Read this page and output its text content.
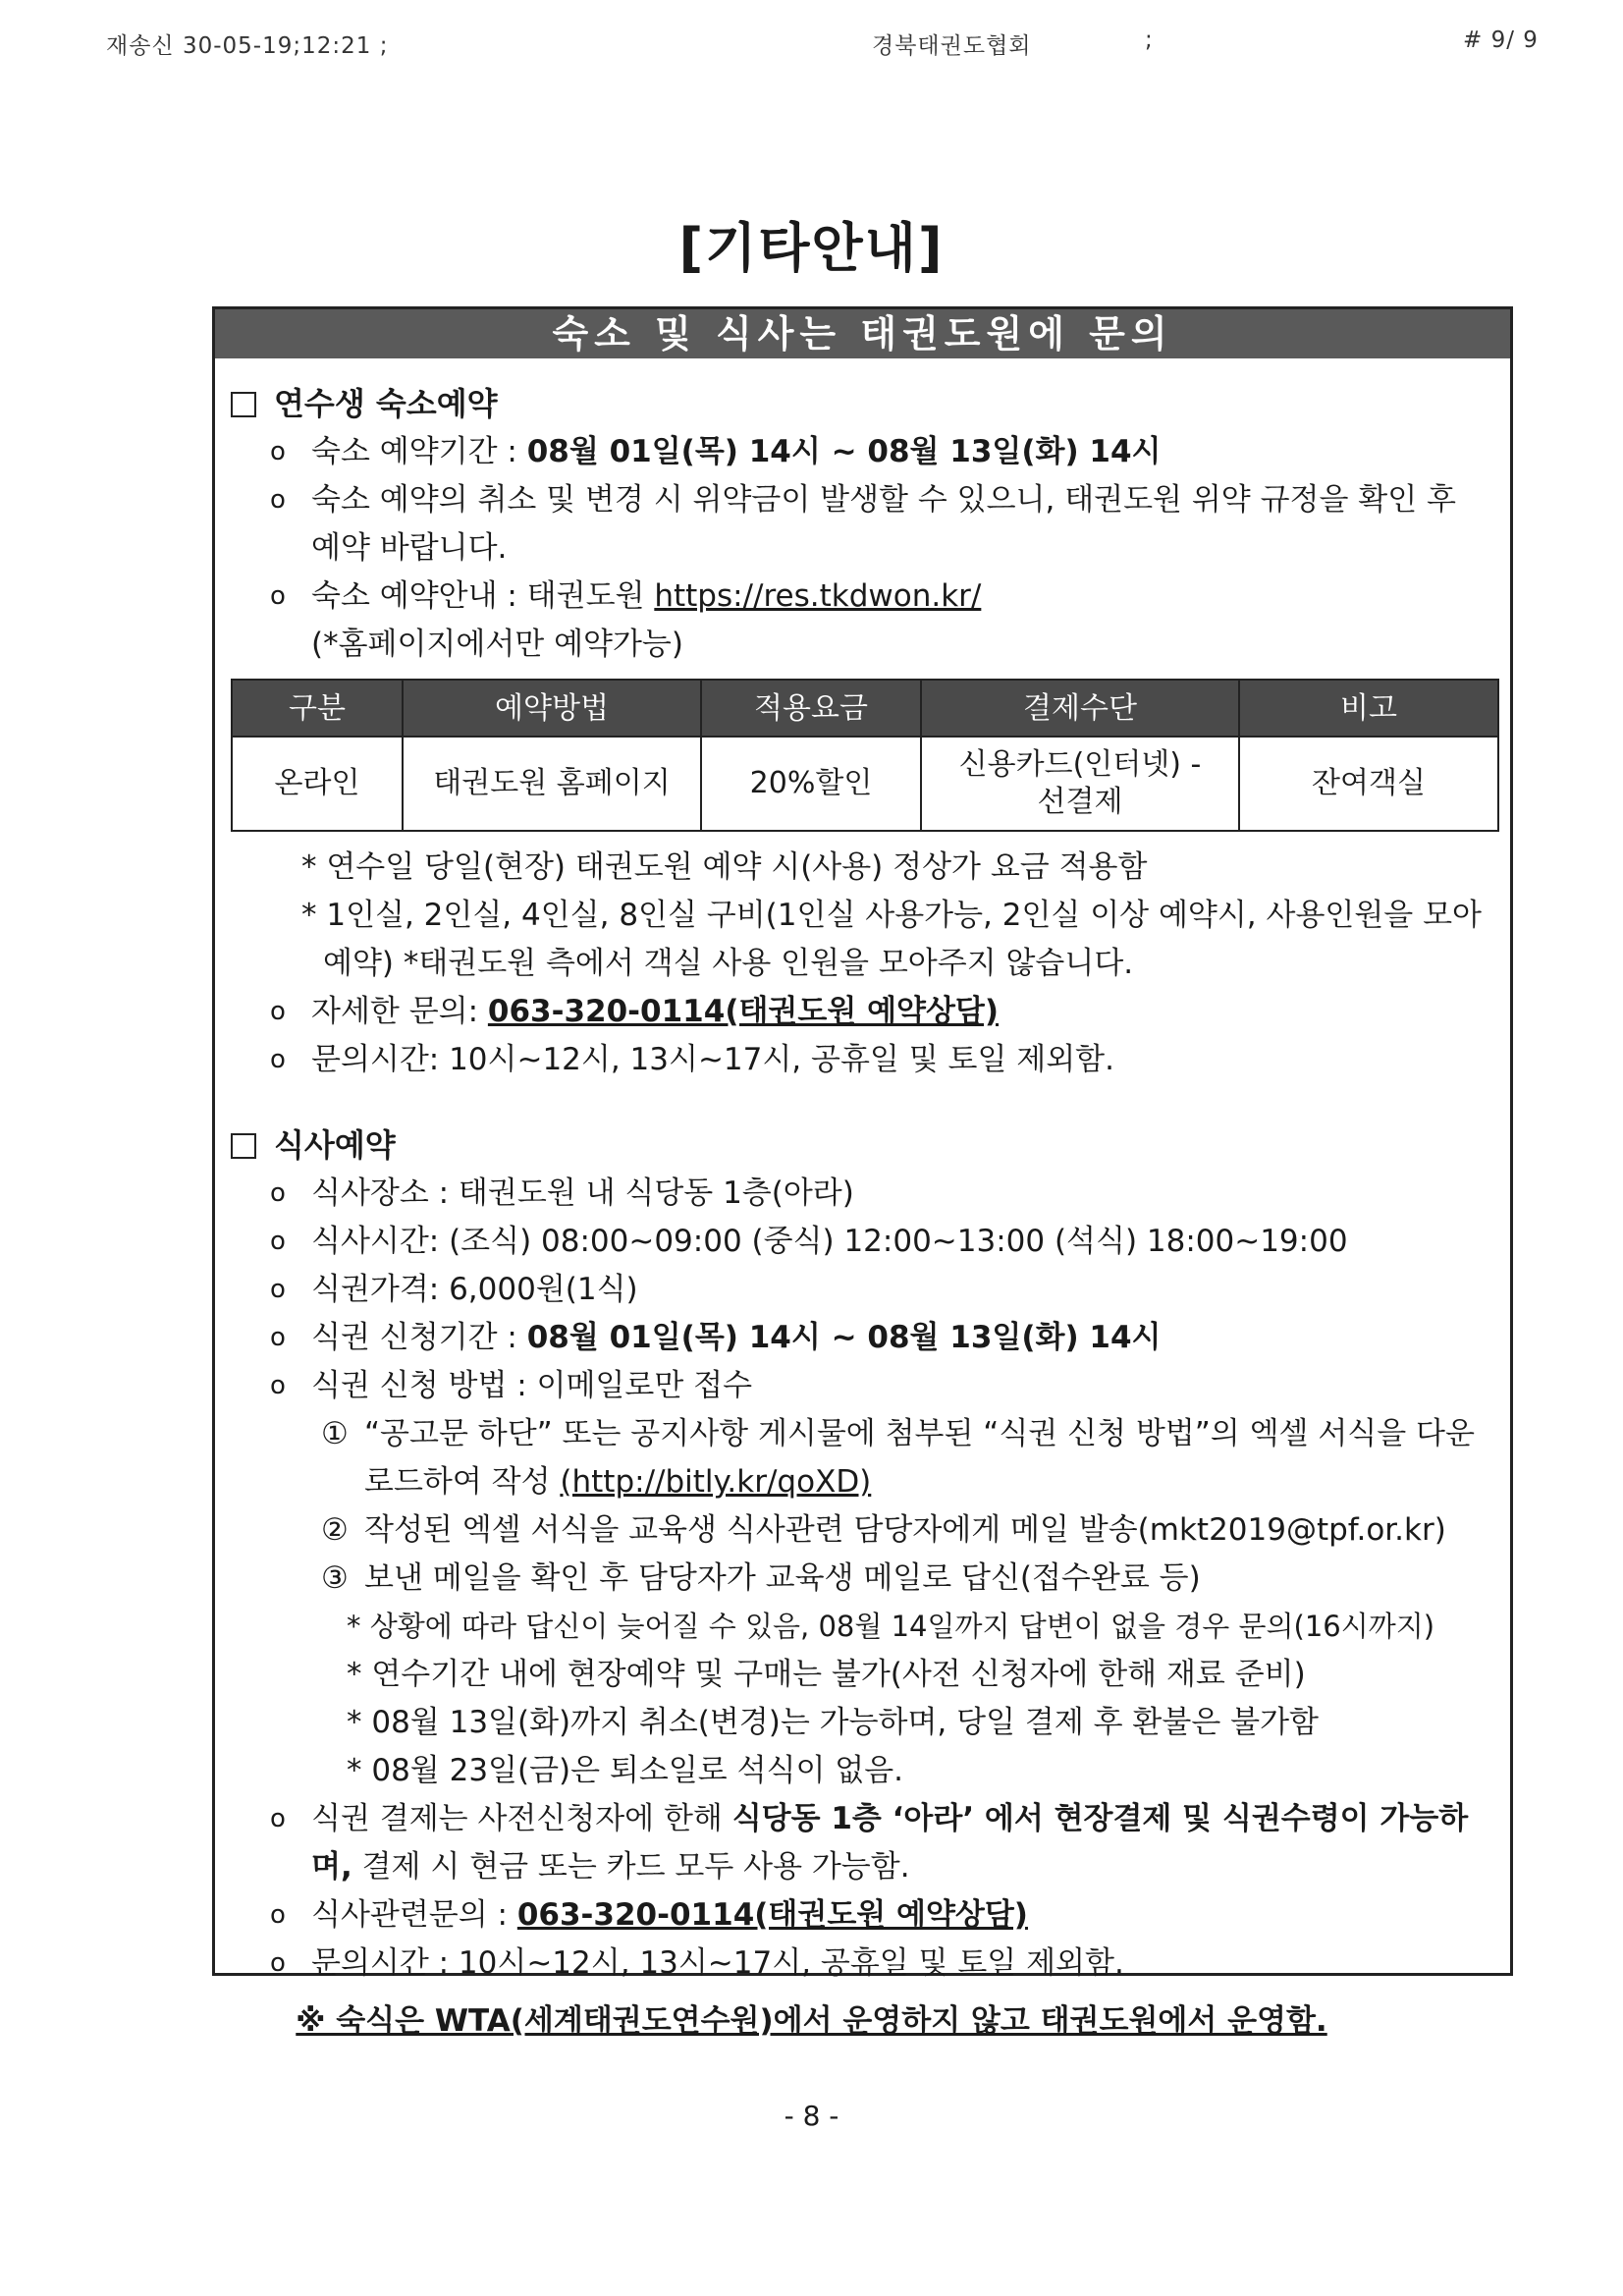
재송신 30-05-19;12:21 ;	경북태권도협회	;	# 9/ 9
[기타안내]
숙소 및 식사는 태권도원에 문의
연수생 숙소예약
o 숙소 예약기간 : 08월 01일(목) 14시 ~ 08월 13일(화) 14시
o 숙소 예약의 취소 및 변경 시 위약금이 발생할 수 있으니, 태권도원 위약 규정을 확인 후 예약 바랍니다.
o 숙소 예약안내 : 태권도원 https://res.tkdwon.kr/
(*홈페이지에서만 예약가능)
구분	예약방법	적용요금	결제수단	비고
온라인	태권도원 홈페이지	20%할인	신용카드(인터넷) - 선결제	잔여객실
* 연수일 당일(현장) 태권도원 예약 시(사용) 정상가 요금 적용함
* 1인실, 2인실, 4인실, 8인실 구비(1인실 사용가능, 2인실 이상 예약시, 사용인원을 모아 예약) *태권도원 측에서 객실 사용 인원을 모아주지 않습니다.
o 자세한 문의: 063-320-0114(태권도원 예약상담)
o 문의시간: 10시~12시, 13시~17시, 공휴일 및 토일 제외함.
식사예약
o 식사장소 : 태권도원 내 식당동 1층(아라)
o 식사시간: (조식) 08:00~09:00 (중식) 12:00~13:00 (석식) 18:00~19:00
o 식권가격: 6,000원(1식)
o 식권 신청기간 : 08월 01일(목) 14시 ~ 08월 13일(화) 14시
o 식권 신청 방법 : 이메일로만 접수
① “공고문 하단” 또는 공지사항 게시물에 첨부된 “식권 신청 방법”의 엑셀 서식을 다운로드하여 작성 (http://bitly.kr/qoXD)
② 작성된 엑셀 서식을 교육생 식사관련 담당자에게 메일 발송(mkt2019@tpf.or.kr)
③ 보낸 메일을 확인 후 담당자가 교육생 메일로 답신(접수완료 등)
* 상황에 따라 답신이 늦어질 수 있음, 08월 14일까지 답변이 없을 경우 문의(16시까지)
* 연수기간 내에 현장예약 및 구매는 불가(사전 신청자에 한해 재료 준비)
* 08월 13일(화)까지 취소(변경)는 가능하며, 당일 결제 후 환불은 불가함
* 08월 23일(금)은 퇴소일로 석식이 없음.
o 식권 결제는 사전신청자에 한해 식당동 1층 ‘아라’ 에서 현장결제 및 식권수령이 가능하며, 결제 시 현금 또는 카드 모두 사용 가능함.
o 식사관련문의 : 063-320-0114(태권도원 예약상담)
o 문의시간 : 10시~12시, 13시~17시, 공휴일 및 토일 제외함.
※ 숙식은 WTA(세계태권도연수원)에서 운영하지 않고 태권도원에서 운영함.
- 8 -
